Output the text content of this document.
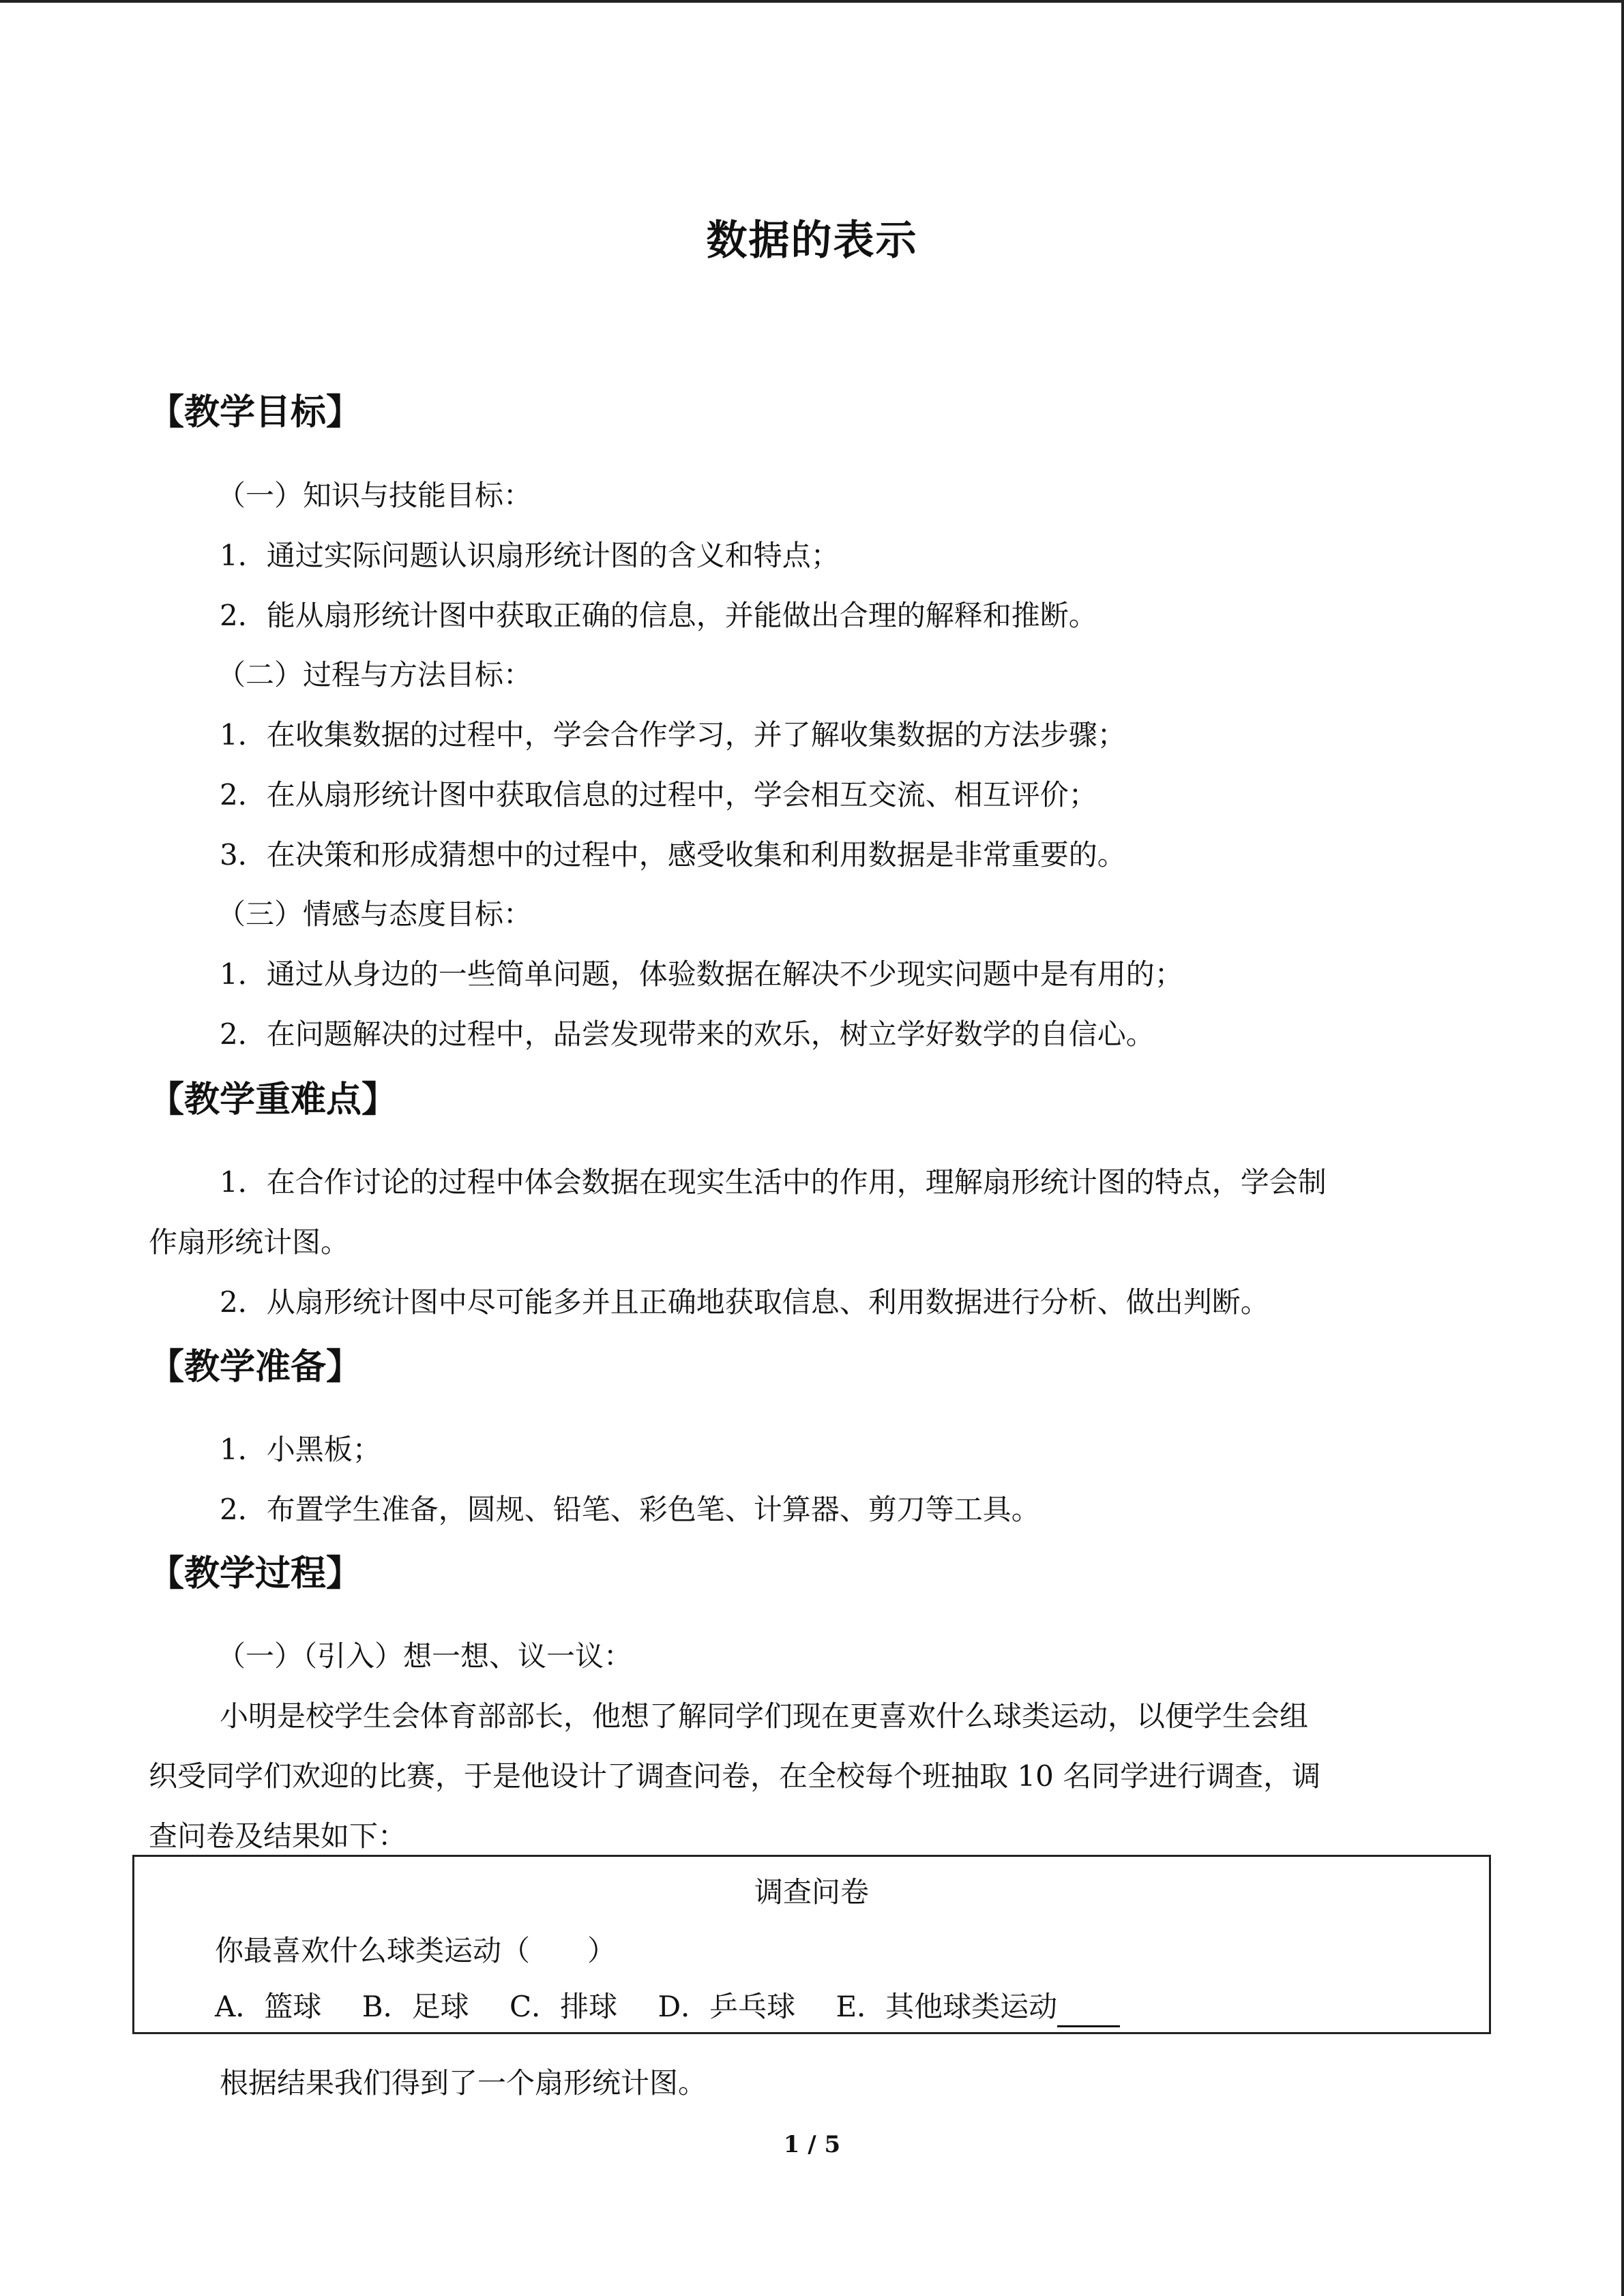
数据的表示
【教学目标】
（一）知识与技能目标：
1．通过实际问题认识扇形统计图的含义和特点；
2．能从扇形统计图中获取正确的信息，并能做出合理的解释和推断。
（二）过程与方法目标：
1．在收集数据的过程中，学会合作学习，并了解收集数据的方法步骤；
2．在从扇形统计图中获取信息的过程中，学会相互交流、相互评价；
3．在决策和形成猜想中的过程中，感受收集和利用数据是非常重要的。
（三）情感与态度目标：
1．通过从身边的一些简单问题，体验数据在解决不少现实问题中是有用的；
2．在问题解决的过程中，品尝发现带来的欢乐，树立学好数学的自信心。
【教学重难点】
1．在合作讨论的过程中体会数据在现实生活中的作用，理解扇形统计图的特点，学会制
作扇形统计图。
2．从扇形统计图中尽可能多并且正确地获取信息、利用数据进行分析、做出判断。
【教学准备】
1．小黑板；
2．布置学生准备，圆规、铅笔、彩色笔、计算器、剪刀等工具。
【教学过程】
（一）（引入）想一想、议一议：
小明是校学生会体育部部长，他想了解同学们现在更喜欢什么球类运动，以便学生会组
织受同学们欢迎的比赛，于是他设计了调查问卷，在全校每个班抽取 10 名同学进行调查，调
查问卷及结果如下：
调查问卷
你最喜欢什么球类运动（　　）
A．篮球 B．足球 C．排球 D．乒乓球 E．其他球类运动
根据结果我们得到了一个扇形统计图。
1 / 5
